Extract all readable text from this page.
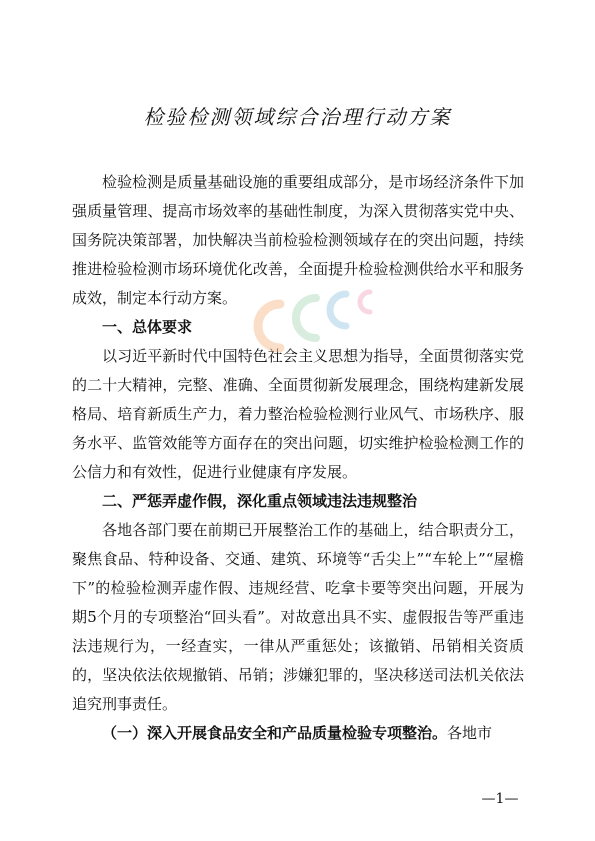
检验检测领域综合治理行动方案

检验检测是质量基础设施的重要组成部分，是市场经济条件下加强质量管理、提高市场效率的基础性制度，为深入贯彻落实党中央、国务院决策部署，加快解决当前检验检测领域存在的突出问题，持续推进检验检测市场环境优化改善，全面提升检验检测供给水平和服务成效，制定本行动方案。

一、总体要求

以习近平新时代中国特色社会主义思想为指导，全面贯彻落实党的二十大精神，完整、准确、全面贯彻新发展理念，围绕构建新发展格局、培育新质生产力，着力整治检验检测行业风气、市场秩序、服务水平、监管效能等方面存在的突出问题，切实维护检验检测工作的公信力和有效性，促进行业健康有序发展。

二、严惩弄虚作假，深化重点领域违法违规整治

各地各部门要在前期已开展整治工作的基础上，结合职责分工，聚焦食品、特种设备、交通、建筑、环境等“舌尖上”“车轮上”“屋檐下”的检验检测弄虚作假、违规经营、吃拿卡要等突出问题，开展为期5个月的专项整治“回头看”。对故意出具不实、虚假报告等严重违法违规行为，一经查实，一律从严重惩处；该撤销、吊销相关资质的，坚决依法依规撤销、吊销；涉嫌犯罪的，坚决移送司法机关依法追究刑事责任。

（一）深入开展食品安全和产品质量检验专项整治。各地市

—1—
